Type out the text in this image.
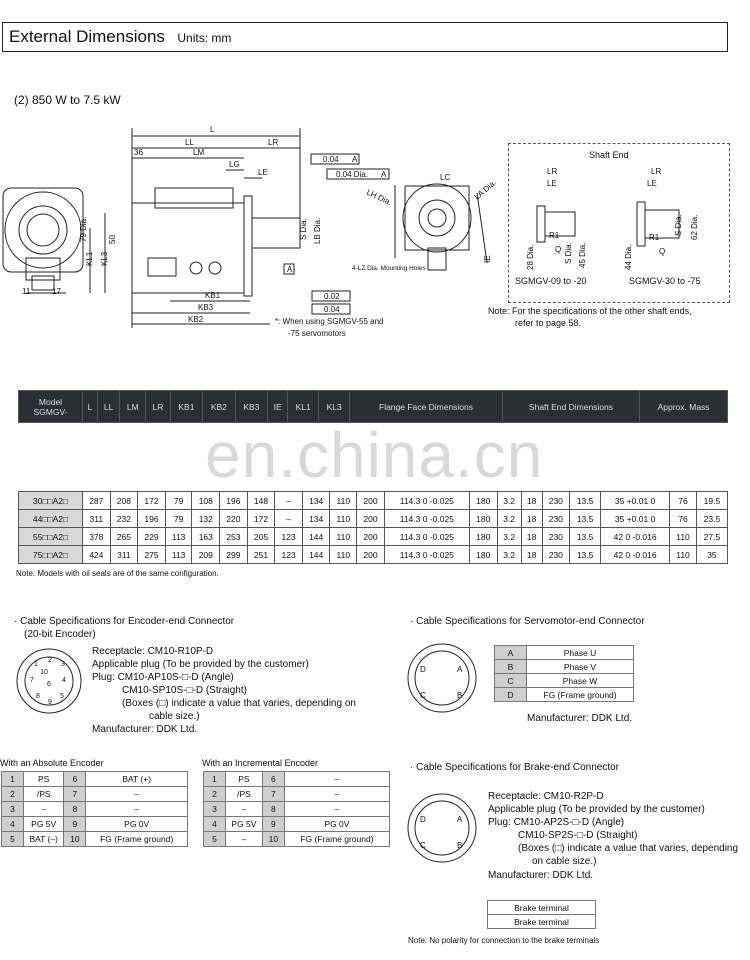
External Dimensions Units: mm
(2) 850 W to 7.5 kW
L
LL	LR
LM
36
LG
LE
KL1 KL3
79 Dia.	50
KB1
KB3
KB2
11	17
LH Dia.
LC
LA Dia.
IE
A
0.04 A
0.04 Dia. A
0.02
0.04
S Dia. LB Dia.
4-LZ Dia. Mounting Holes
*: When using SGMGV-55 and
-75 servomotors
Shaft End
LR
LE
Q
R1
28 Dia.	S Dia. 45 Dia.
LR
LE
Q
R1
44 Dia.
S Dia. 62 Dia.
SGMGV-09 to -20	SGMGV-30 to -75
Note: For the specifications of the other shaft ends,
refer to page 58.
Model SGMGV-	L	LL	LM	LR	KB1	KB2	KB3	IE	KL1	KL3	Flange Face Dimensions	Shaft End Dimensions	Approx. Mass
en.china.cn
30□□A2□	287	208	172	79	108	196	148	–	134	110	200	114.3 0 -0.025	180	3.2	18	230	13.5	35 +0.01 0	76	19.5
44□□A2□	311	232	196	79	132	220	172	–	134	110	200	114.3 0 -0.025	180	3.2	18	230	13.5	35 +0.01 0	76	23.5
55□□A2□	378	265	229	113	163	253	205	123	144	110	200	114.3 0 -0.025	180	3.2	18	230	13.5	42 0 -0.016	110	27.5
75□□A2□	424	311	275	113	209	299	251	123	144	110	200	114.3 0 -0.025	180	3.2	18	230	13.5	42 0 -0.016	110	35
Note: Models with oil seals are of the same configuration.
· Cable Specifications for Encoder-end Connector
(20-bit Encoder)
1
2
3
4
5
6
7
8
9
10
Receptacle: CM10-R10P-D
Applicable plug (To be provided by the customer)
Plug: CM10-AP10S-□-D (Angle)
CM10-SP10S-□-D (Straight)
(Boxes (□) indicate a value that varies, depending on
cable size.)
Manufacturer: DDK Ltd.
With an Absolute Encoder
1	PS	6	BAT (+)
2	/PS	7	–
3	–	8	–
4	PG 5V	9	PG 0V
5	BAT (–)	10	FG (Frame ground)
With an Incremental Encoder
1	PS	6	–
2	/PS	7	–
3	–	8	–
4	PG 5V	9	PG 0V
5	–	10	FG (Frame ground)
· Cable Specifications for Servomotor-end Connector
D	A
C	B
A	Phase U
B	Phase V
C	Phase W
D	FG (Frame ground)
Manufacturer: DDK Ltd.
· Cable Specifications for Brake-end Connector
D	A
C	B
Receptacle: CM10-R2P-D
Applicable plug (To be provided by the customer)
Plug: CM10-AP2S-□-D (Angle)
CM10-SP2S-□-D (Straight)
(Boxes (□) indicate a value that varies, depending
on cable size.)
Manufacturer: DDK Ltd.
Brake terminal
Brake terminal
Note: No polarity for connection to the brake terminals
